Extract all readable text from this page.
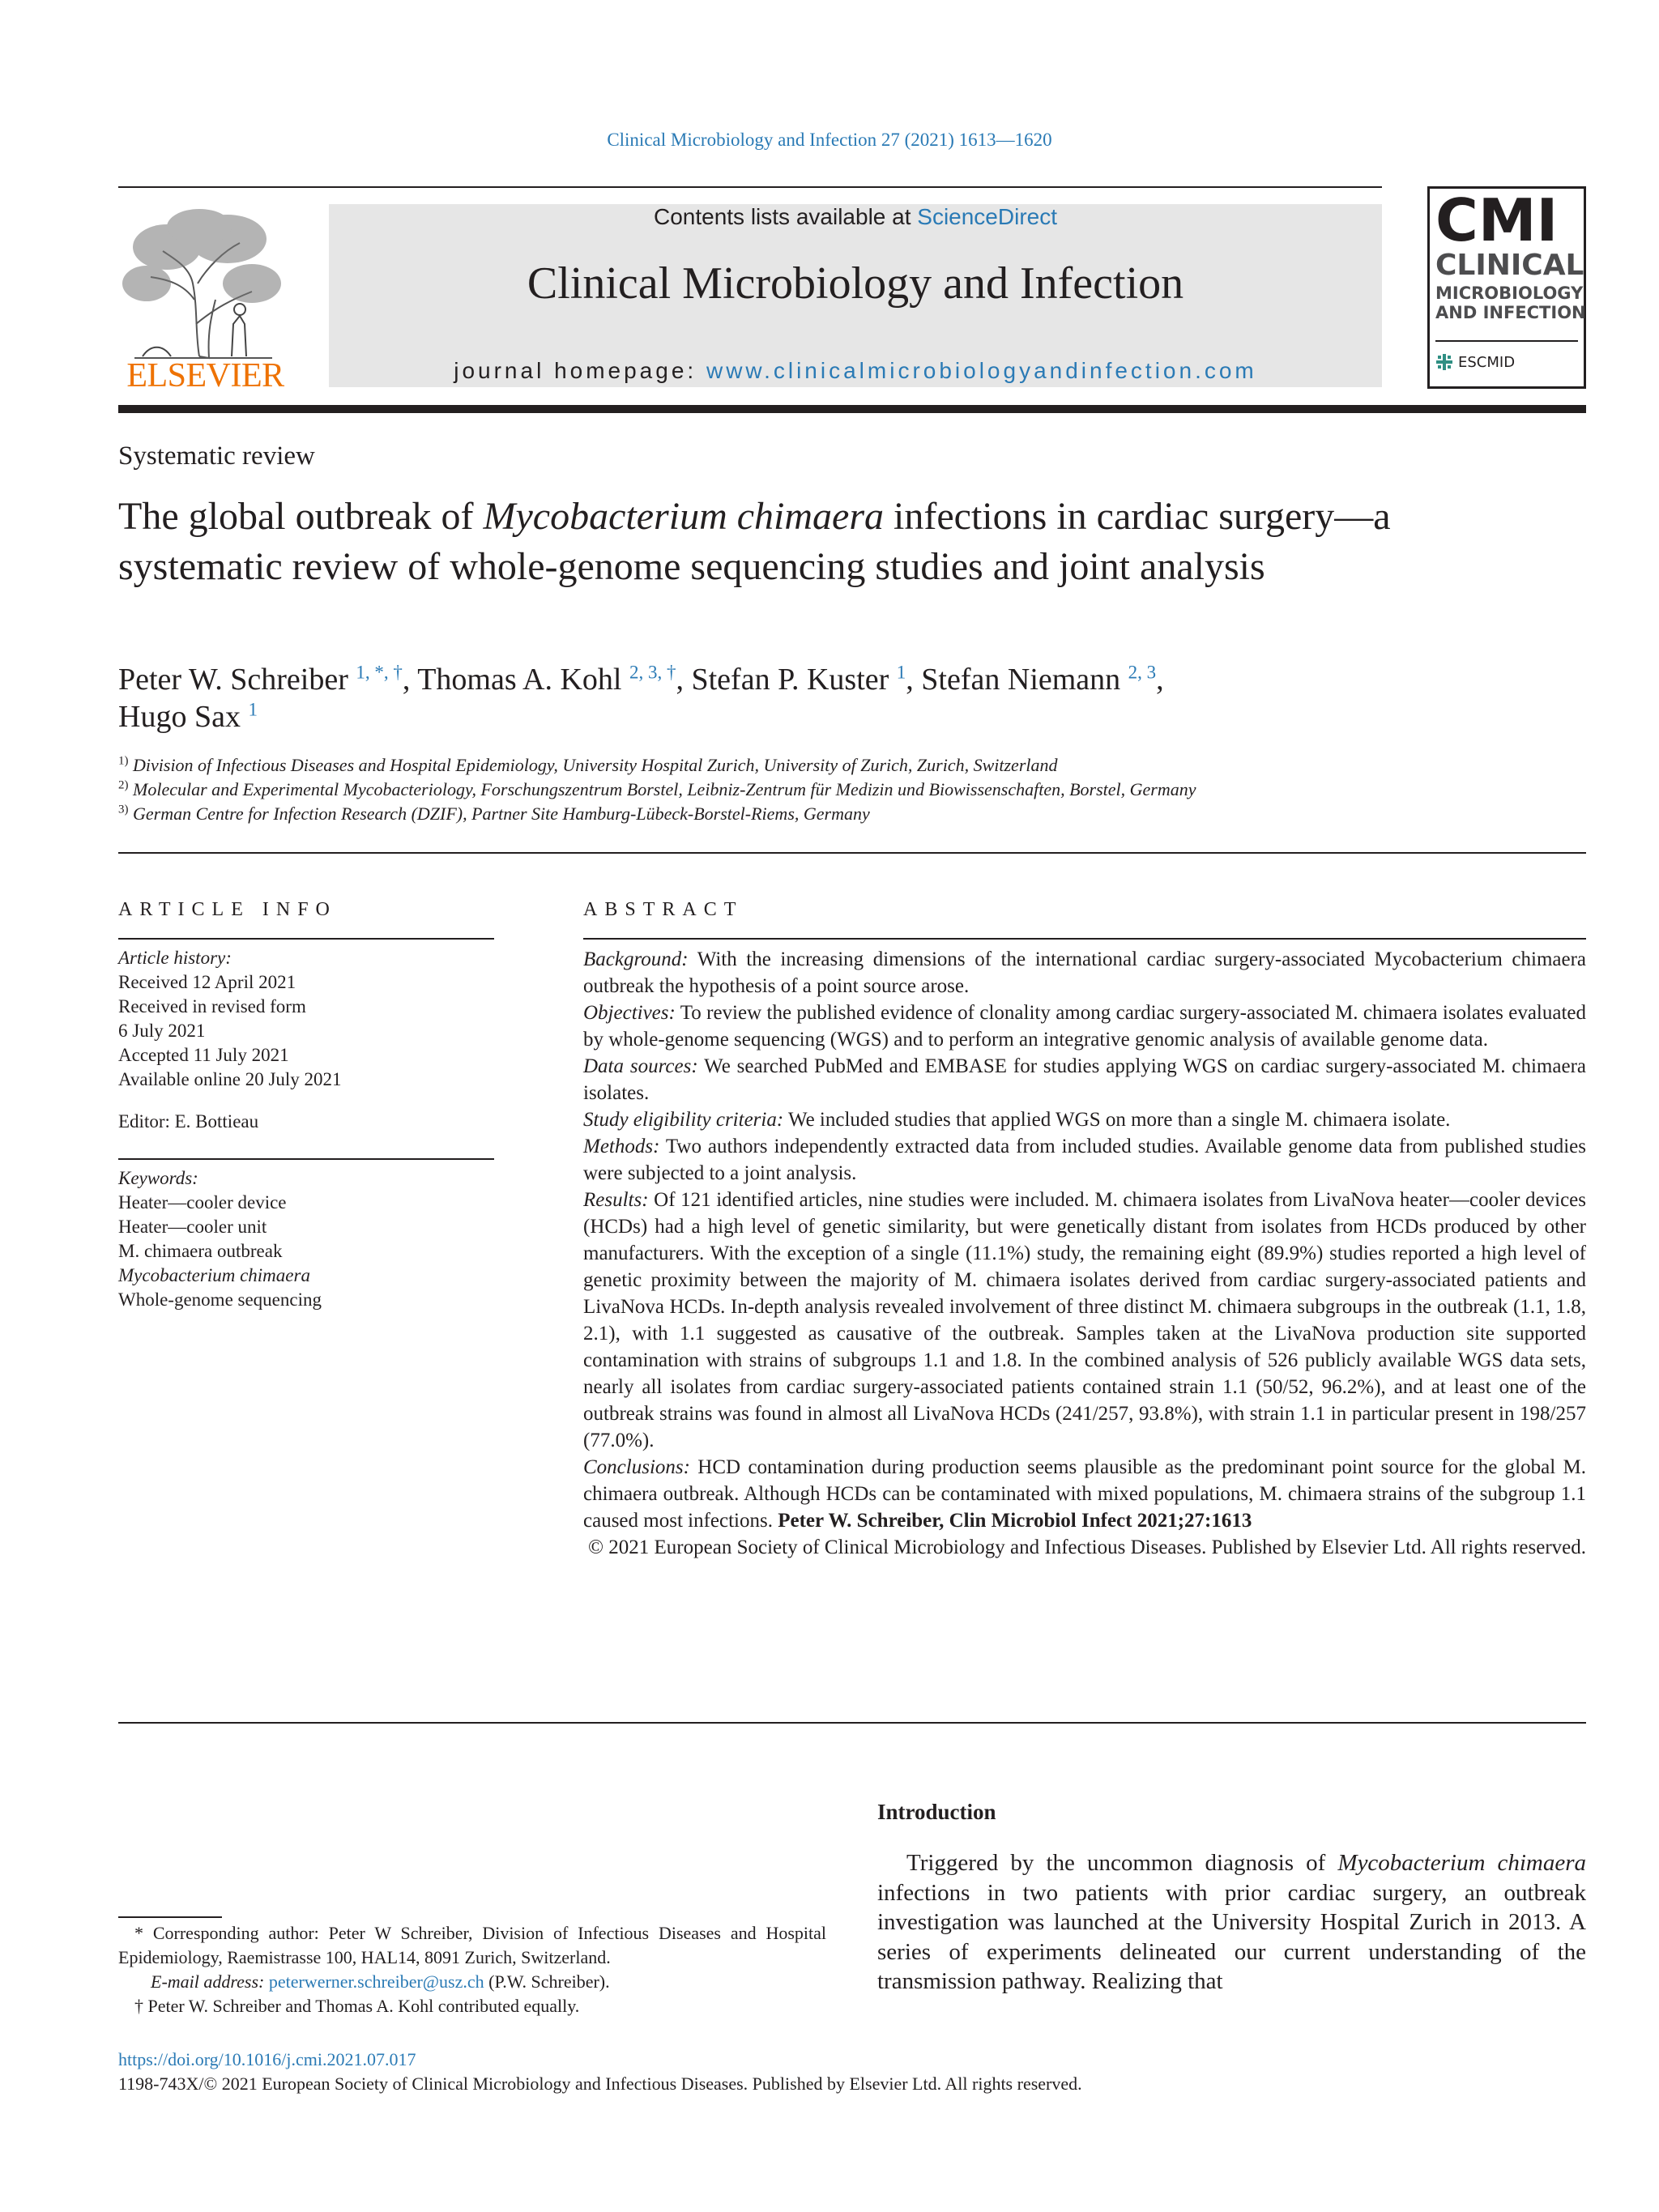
Clinical Microbiology and Infection 27 (2021) 1613—1620
ELSEVIER
Contents lists available at ScienceDirect
Clinical Microbiology and Infection
journal homepage: www.clinicalmicrobiologyandinfection.com
CMI
CLINICAL
MICROBIOLOGY
AND INFECTION
ESCMID
Systematic review
The global outbreak of Mycobacterium chimaera infections in cardiac surgery—a systematic review of whole-genome sequencing studies and joint analysis
Peter W. Schreiber $^{1, *, \dagger}$, Thomas A. Kohl $^{2, 3, \dagger}$, Stefan P. Kuster $^1$, Stefan Niemann $^{2, 3}$,
Hugo Sax $^1$
$^{1)}$ Division of Infectious Diseases and Hospital Epidemiology, University Hospital Zurich, University of Zurich, Zurich, Switzerland
$^{2)}$ Molecular and Experimental Mycobacteriology, Forschungszentrum Borstel, Leibniz-Zentrum für Medizin und Biowissenschaften, Borstel, Germany
$^{3)}$ German Centre for Infection Research (DZIF), Partner Site Hamburg-Lübeck-Borstel-Riems, Germany
ARTICLE INFO
Article history:
Received 12 April 2021
Received in revised form
6 July 2021
Accepted 11 July 2021
Available online 20 July 2021
Editor: E. Bottieau
Keywords:
Heater—cooler device
Heater—cooler unit
M. chimaera outbreak
Mycobacterium chimaera
Whole-genome sequencing
ABSTRACT
Background: With the increasing dimensions of the international cardiac surgery-associated Mycobacterium chimaera outbreak the hypothesis of a point source arose.
Objectives: To review the published evidence of clonality among cardiac surgery-associated M. chimaera isolates evaluated by whole-genome sequencing (WGS) and to perform an integrative genomic analysis of available genome data.
Data sources: We searched PubMed and EMBASE for studies applying WGS on cardiac surgery-associated M. chimaera isolates.
Study eligibility criteria: We included studies that applied WGS on more than a single M. chimaera isolate.
Methods: Two authors independently extracted data from included studies. Available genome data from published studies were subjected to a joint analysis.
Results: Of 121 identified articles, nine studies were included. M. chimaera isolates from LivaNova heater—cooler devices (HCDs) had a high level of genetic similarity, but were genetically distant from isolates from HCDs produced by other manufacturers. With the exception of a single (11.1%) study, the remaining eight (89.9%) studies reported a high level of genetic proximity between the majority of M. chimaera isolates derived from cardiac surgery-associated patients and LivaNova HCDs. In-depth analysis revealed involvement of three distinct M. chimaera subgroups in the outbreak (1.1, 1.8, 2.1), with 1.1 suggested as causative of the outbreak. Samples taken at the LivaNova production site supported contamination with strains of subgroups 1.1 and 1.8. In the combined analysis of 526 publicly available WGS data sets, nearly all isolates from cardiac surgery-associated patients contained strain 1.1 (50/52, 96.2%), and at least one of the outbreak strains was found in almost all LivaNova HCDs (241/257, 93.8%), with strain 1.1 in particular present in 198/257 (77.0%).
Conclusions: HCD contamination during production seems plausible as the predominant point source for the global M. chimaera outbreak. Although HCDs can be contaminated with mixed populations, M. chimaera strains of the subgroup 1.1 caused most infections. Peter W. Schreiber, Clin Microbiol Infect 2021;27:1613
© 2021 European Society of Clinical Microbiology and Infectious Diseases. Published by Elsevier Ltd. All rights reserved.
Introduction
Triggered by the uncommon diagnosis of Mycobacterium chimaera infections in two patients with prior cardiac surgery, an outbreak investigation was launched at the University Hospital Zurich in 2013. A series of experiments delineated our current understanding of the transmission pathway. Realizing that
* Corresponding author: Peter W Schreiber, Division of Infectious Diseases and Hospital Epidemiology, Raemistrasse 100, HAL14, 8091 Zurich, Switzerland.
E-mail address: peterwerner.schreiber@usz.ch (P.W. Schreiber).
† Peter W. Schreiber and Thomas A. Kohl contributed equally.
https://doi.org/10.1016/j.cmi.2021.07.017
1198-743X/© 2021 European Society of Clinical Microbiology and Infectious Diseases. Published by Elsevier Ltd. All rights reserved.
